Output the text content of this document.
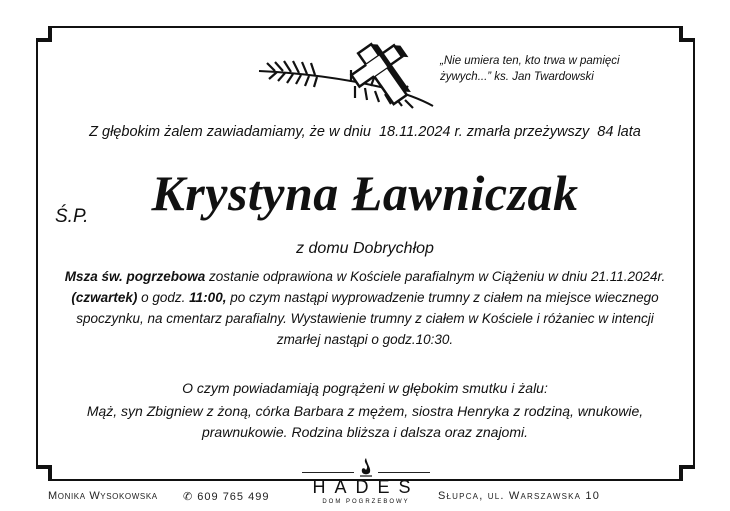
„Nie umiera ten, kto trwa w pamięci
żywych...” ks. Jan Twardowski
Z głębokim żalem zawiadamiamy, że w dniu 18.11.2024 r. zmarła przeżywszy 84 lata
Ś.P.	Krystyna Ławniczak
z domu Dobrychłop
Msza św. pogrzebowa zostanie odprawiona w Kościele parafialnym w Ciążeniu w dniu 21.11.2024r. (czwartek) o godz. 11:00, po czym nastąpi wyprowadzenie trumny z ciałem na miejsce wiecznego spoczynku, na cmentarz parafialny. Wystawienie trumny z ciałem w Kościele i różaniec w intencji zmarłej nastąpi o godz.10:30.
O czym powiadamiają pogrążeni w głębokim smutku i żalu:
Mąż, syn Zbigniew z żoną, córka Barbara z mężem, siostra Henryka z rodziną, wnukowie, prawnukowie. Rodzina bliższa i dalsza oraz znajomi.
Monika Wysokowska ✆ 609 765 499	HADES
DOM POGRZEBOWY	Słupca, ul. Warszawska 10
